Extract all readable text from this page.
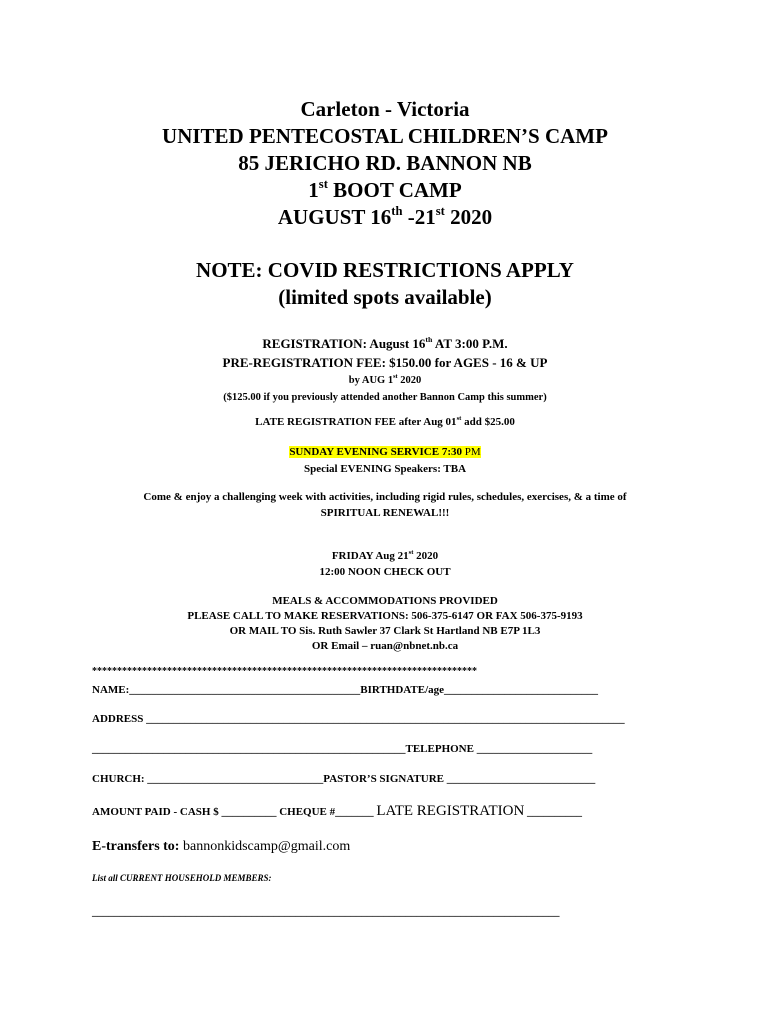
Carleton - Victoria
UNITED PENTECOSTAL CHILDREN’S CAMP
85 JERICHO RD. BANNON NB
1st BOOT CAMP
AUGUST 16th -21st 2020
NOTE: COVID RESTRICTIONS APPLY
(limited spots available)
REGISTRATION: August 16th AT 3:00 P.M.
PRE-REGISTRATION FEE: $150.00 for AGES - 16 & UP
by AUG 1st 2020
($125.00 if you previously attended another Bannon Camp this summer)
LATE REGISTRATION FEE after Aug 01st add $25.00
SUNDAY EVENING SERVICE 7:30 PM
Special EVENING Speakers: TBA
Come & enjoy a challenging week with activities, including rigid rules, schedules, exercises, & a time of
SPIRITUAL RENEWAL!!!
FRIDAY Aug 21st 2020
12:00 NOON CHECK OUT
MEALS & ACCOMMODATIONS PROVIDED
PLEASE CALL TO MAKE RESERVATIONS: 506-375-6147 OR FAX 506-375-9193
OR MAIL TO Sis. Ruth Sawler 37 Clark St Hartland NB E7P 1L3
OR Email – ruan@nbnet.nb.ca
*****************************************************************************
NAME:__________________________________________BIRTHDATE/age____________________________
ADDRESS _______________________________________________________________________________________
_________________________________________________________TELEPHONE _____________________
CHURCH: ________________________________PASTOR’S SIGNATURE ___________________________
AMOUNT PAID - CASH $ __________ CHEQUE #_______ LATE REGISTRATION __________
E-transfers to: bannonkidscamp@gmail.com
List all CURRENT HOUSEHOLD MEMBERS:
_____________________________________________________________________________________
